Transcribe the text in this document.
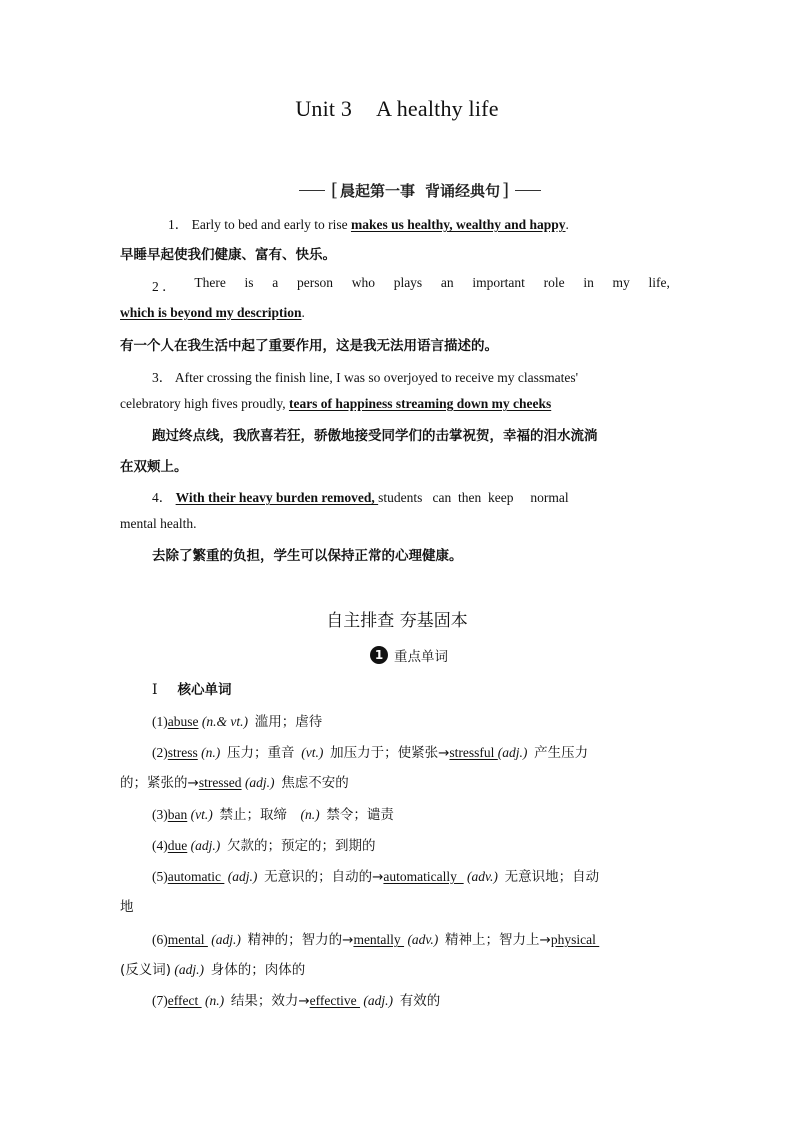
Unit 3 A healthy life
[ 晨起第一事 背诵经典句 ]
1． Early to bed and early to rise makes us healthy, wealthy and happy.
早睡早起使我们健康、富有、快乐。
2 ． There is a person who plays an important role in my life,
which is beyond my description.
有一个人在我生活中起了重要作用，这是我无法用语言描述的。
3． After crossing the finish line, I was so overjoyed to receive my classmates'
celebratory high fives proudly, tears of happiness streaming down my cheeks
跑过终点线，我欣喜若狂，骄傲地接受同学们的击掌祝贺，幸福的泪水流淌
在双颊上。
4． With their heavy burden removed, students   can  then  keep     normal
mental health.
去除了繁重的负担，学生可以保持正常的心理健康。
自主排查 夯基固本
1 重点单词
Ⅰ 核心单词
(1)abuse (n.& vt.) 滥用；虐待
(2)stress (n.) 压力；重音 (vt.) 加压力于；使紧张→stressful (adj.) 产生压力
的；紧张的→stressed (adj.) 焦虑不安的
(3)ban (vt.) 禁止；取缔 (n.) 禁令；谴责
(4)due (adj.) 欠款的；预定的；到期的
(5)automatic  (adj.) 无意识的；自动的→automatically   (adv.) 无意识地；自动
地
(6)mental  (adj.) 精神的；智力的→mentally  (adv.) 精神上；智力上→physical
(反义词) (adj.) 身体的；肉体的
(7)effect  (n.) 结果；效力→effective  (adj.) 有效的
